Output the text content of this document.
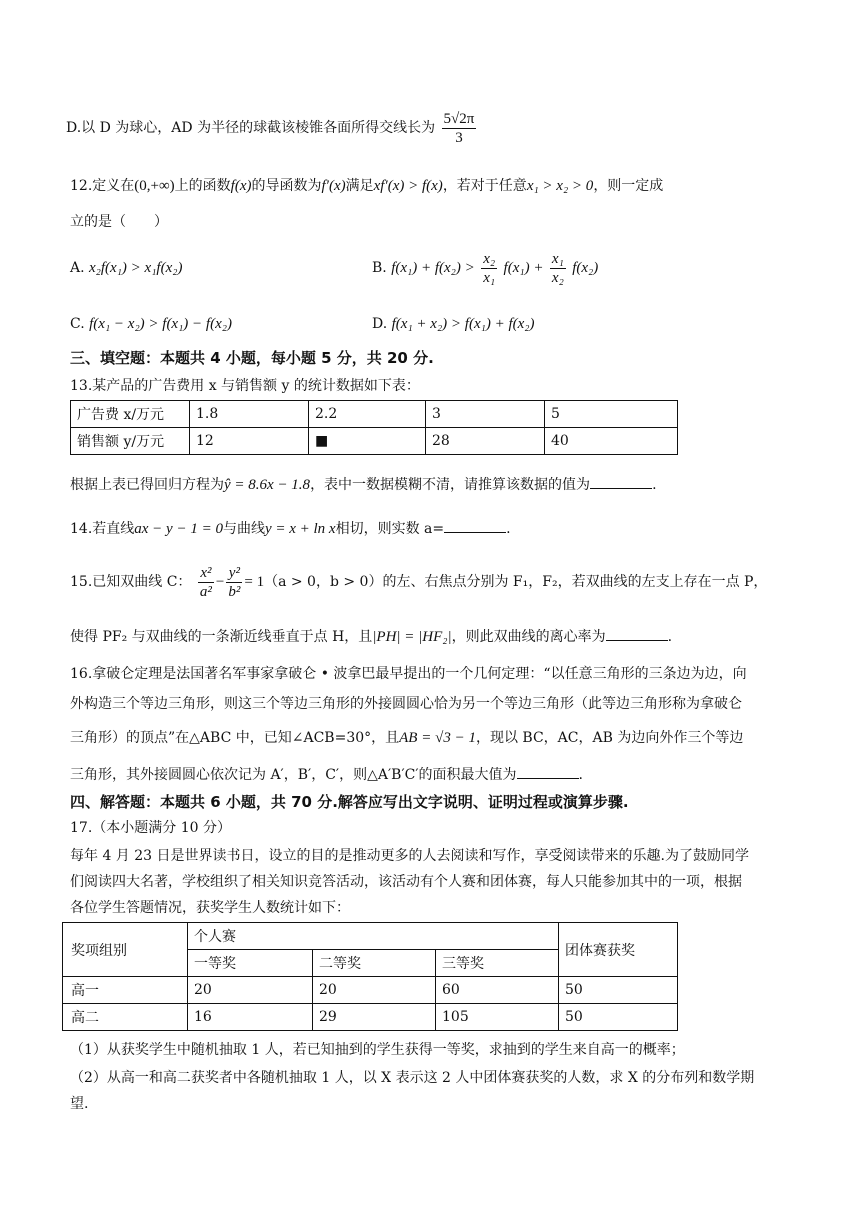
D.以 D 为球心，AD 为半径的球截该棱锥各面所得交线长为 $\frac{5√2\pi}{3}$
12.定义在(0,+∞)上的函数f(x)的导函数为f′(x)满足xf′(x) > f(x)，若对于任意x₁ > x₂ > 0，则一定成
立的是（　　）
A. x₂f(x₁) > x₁f(x₂)	B. $f(x_1) + f(x_2) > \frac{\text{x₂}}{\text{x₁}} f(x_1) + \frac{\text{x₁}}{\text{x₂}} f(x_2)$
C. f(x₁ − x₂) > f(x₁) − f(x₂)	D. f(x₁ + x₂) > f(x₁) + f(x₂)
三、填空题：本题共 4 小题，每小题 5 分，共 20 分.
13.某产品的广告费用 x 与销售额 y 的统计数据如下表：
广告费 x/万元	1.8	2.2	3	5
销售额 y/万元	12	■	28	40
根据上表已得回归方程为ŷ = 8.6x − 1.8，表中一数据模糊不清，请推算该数据的值为	.
14.若直线ax − y − 1 = 0与曲线y = x + ln x相切，则实数 a=	.
15.已知双曲线 C： $\frac{\text{x²}}{\text{a²}} - \frac{\text{y²}}{\text{b²}} = 1(a > 0$，b > 0）的左、右焦点分别为 F₁，F₂，若双曲线的左支上存在一点 P，
使得 PF₂ 与双曲线的一条渐近线垂直于点 H，且|PH| = |HF₂|，则此双曲线的离心率为	.
16.拿破仑定理是法国著名军事家拿破仑 • 波拿巴最早提出的一个几何定理：“以任意三角形的三条边为边，向
外构造三个等边三角形，则这三个等边三角形的外接圆圆心恰为另一个等边三角形（此等边三角形称为拿破仑
三角形）的顶点”在△ABC 中，已知∠ACB=30°，且AB = √3 − 1，现以 BC，AC，AB 为边向外作三个等边
三角形，其外接圆圆心依次记为 A′，B′，C′，则△A′B′C′的面积最大值为	.
四、解答题：本题共 6 小题，共 70 分.解答应写出文字说明、证明过程或演算步骤.
17.（本小题满分 10 分）
每年 4 月 23 日是世界读书日，设立的目的是推动更多的人去阅读和写作，享受阅读带来的乐趣.为了鼓励同学
们阅读四大名著，学校组织了相关知识竞答活动，该活动有个人赛和团体赛，每人只能参加其中的一项，根据
各位学生答题情况，获奖学生人数统计如下：
奖项组别	个人赛			团体赛获奖
	一等奖	二等奖	三等奖	
高一	20	20	60	50
高二	16	29	105	50
（1）从获奖学生中随机抽取 1 人，若已知抽到的学生获得一等奖，求抽到的学生来自高一的概率；
（2）从高一和高二获奖者中各随机抽取 1 人，以 X 表示这 2 人中团体赛获奖的人数，求 X 的分布列和数学期
望.
